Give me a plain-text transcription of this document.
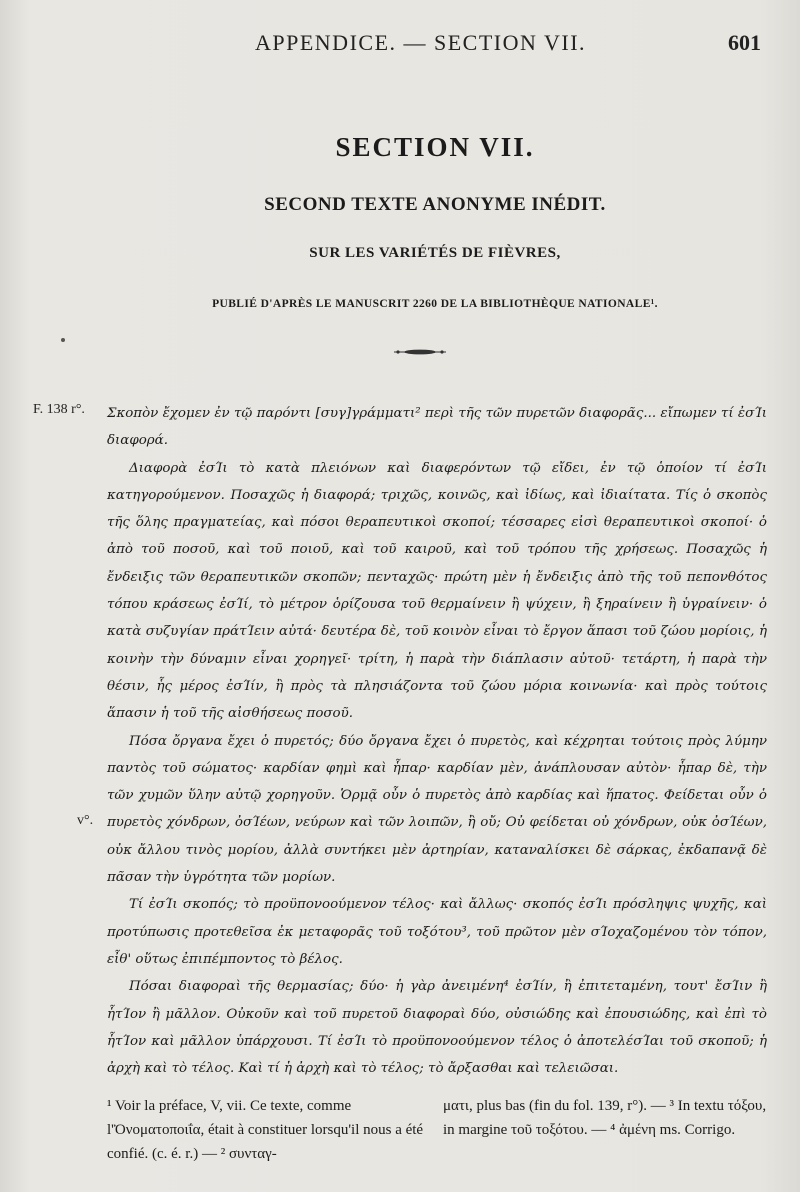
APPENDICE. — SECTION VII.	601
SECTION VII.
SECOND TEXTE ANONYME INÉDIT.
SUR LES VARIÉTÉS DE FIÈVRES,
PUBLIÉ D'APRÈS LE MANUSCRIT 2260 DE LA BIBLIOTHÈQUE NATIONALE¹.
F. 138 r°.
v°.

Σκοπὸν ἔχομεν ἐν τῷ παρόντι [συγ]γράμματι² περὶ τῆς τῶν πυρετῶν διαφορᾶς... εἴπωμεν τί ἐσΊι διαφορά.

Διαφορὰ ἐσΊι τὸ κατὰ πλειόνων καὶ διαφερόντων τῷ εἴδει, ἐν τῷ ὁποίον τί ἐσΊι κατηγορούμενον. Ποσαχῶς ἡ διαφορά; τριχῶς, κοινῶς, καὶ ἰδίως, καὶ ἰδιαίτατα. Τίς ὁ σκοπὸς τῆς ὅλης πραγματείας, καὶ πόσοι θεραπευτικοὶ σκοποί; τέσσαρες εἰσὶ θεραπευτικοὶ σκοποί· ὁ ἀπὸ τοῦ ποσοῦ, καὶ τοῦ ποιοῦ, καὶ τοῦ καιροῦ, καὶ τοῦ τρόπου τῆς χρήσεως. Ποσαχῶς ἡ ἔνδειξις τῶν θεραπευτικῶν σκοπῶν; πενταχῶς· πρώτη μὲν ἡ ἔνδειξις ἀπὸ τῆς τοῦ πεπονθότος τόπου κράσεως ἐσΊί, τὸ μέτρον ὁρίζουσα τοῦ θερμαίνειν ἢ ψύχειν, ἢ ξηραίνειν ἢ ὑγραίνειν· ὁ κατὰ συζυγίαν πράτΊειν αὐτά· δευτέρα δὲ, τοῦ κοινὸν εἶναι τὸ ἔργον ἅπασι τοῦ ζώου μορίοις, ἡ κοινὴν τὴν δύναμιν εἶναι χορηγεῖ· τρίτη, ἡ παρὰ τὴν διάπλασιν αὐτοῦ· τετάρτη, ἡ παρὰ τὴν θέσιν, ἧς μέρος ἐσΊίν, ἢ πρὸς τὰ πλησιάζοντα τοῦ ζώου μόρια κοινωνία· καὶ πρὸς τούτοις ἅπασιν ἡ τοῦ τῆς αἰσθήσεως ποσοῦ.

Πόσα ὄργανα ἔχει ὁ πυρετός; δύο ὄργανα ἔχει ὁ πυρετὸς, καὶ κέχρηται τούτοις πρὸς λύμην παντὸς τοῦ σώματος· καρδίαν φημὶ καὶ ἧπαρ· καρδίαν μὲν, ἀνάπλουσαν αὐτὸν· ἧπαρ δὲ, τὴν τῶν χυμῶν ὕλην αὐτῷ χορηγοῦν. Ὁρμᾷ οὖν ὁ πυρετὸς ἀπὸ καρδίας καὶ ἥπατος. Φείδεται οὖν ὁ πυρετὸς χόνδρων, ὀσΊέων, νεύρων καὶ τῶν λοιπῶν, ἢ οὔ; Οὐ φείδεται οὐ χόνδρων, οὐκ ὀσΊέων, οὐκ ἄλλου τινὸς μορίου, ἀλλὰ συντήκει μὲν ἀρτηρίαν, καταναλίσκει δὲ σάρκας, ἐκδαπανᾷ δὲ πᾶσαν τὴν ὑγρότητα τῶν μορίων.

Τί ἐσΊι σκοπός; τὸ προϋπονοούμενον τέλος· καὶ ἄλλως· σκοπός ἐσΊι πρόσληψις ψυχῆς, καὶ προτύπωσις προτεθεῖσα ἐκ μεταφορᾶς τοῦ τοξότου³, τοῦ πρῶτον μὲν σΊοχαζομένου τὸν τόπον, εἶθ' οὕτως ἐπιπέμποντος τὸ βέλος.

Πόσαι διαφοραὶ τῆς θερμασίας; δύο· ἡ γὰρ ἀνειμένη⁴ ἐσΊίν, ἢ ἐπιτεταμένη, τουτ' ἔσΊιν ἢ ἧτΊον ἢ μᾶλλον. Οὐκοῦν καὶ τοῦ πυρετοῦ διαφοραὶ δύο, οὐσιώδης καὶ ἐπουσιώδης, καὶ ἐπὶ τὸ ἧτΊον καὶ μᾶλλον ὑπάρχουσι. Τί ἐσΊι τὸ προϋπονοούμενον τέλος ὁ ἀποτελέσΊαι τοῦ σκοποῦ; ἡ ἀρχὴ καὶ τὸ τέλος. Καὶ τί ἡ ἀρχὴ καὶ τὸ τέλος; τὸ ἄρξασθαι καὶ τελειῶσαι.

¹ Voir la préface, V, vii. Ce texte, comme l'Ὀνοματοποιΐα, était à constituer lorsqu'il nous a été confié. (c. é. r.) — ² συνταγ-

ματι, plus bas (fin du fol. 139, r°). — ³ In textu τόξου, in margine τοῦ τοξότου. — ⁴ ἀμένη ms. Corrigo.
